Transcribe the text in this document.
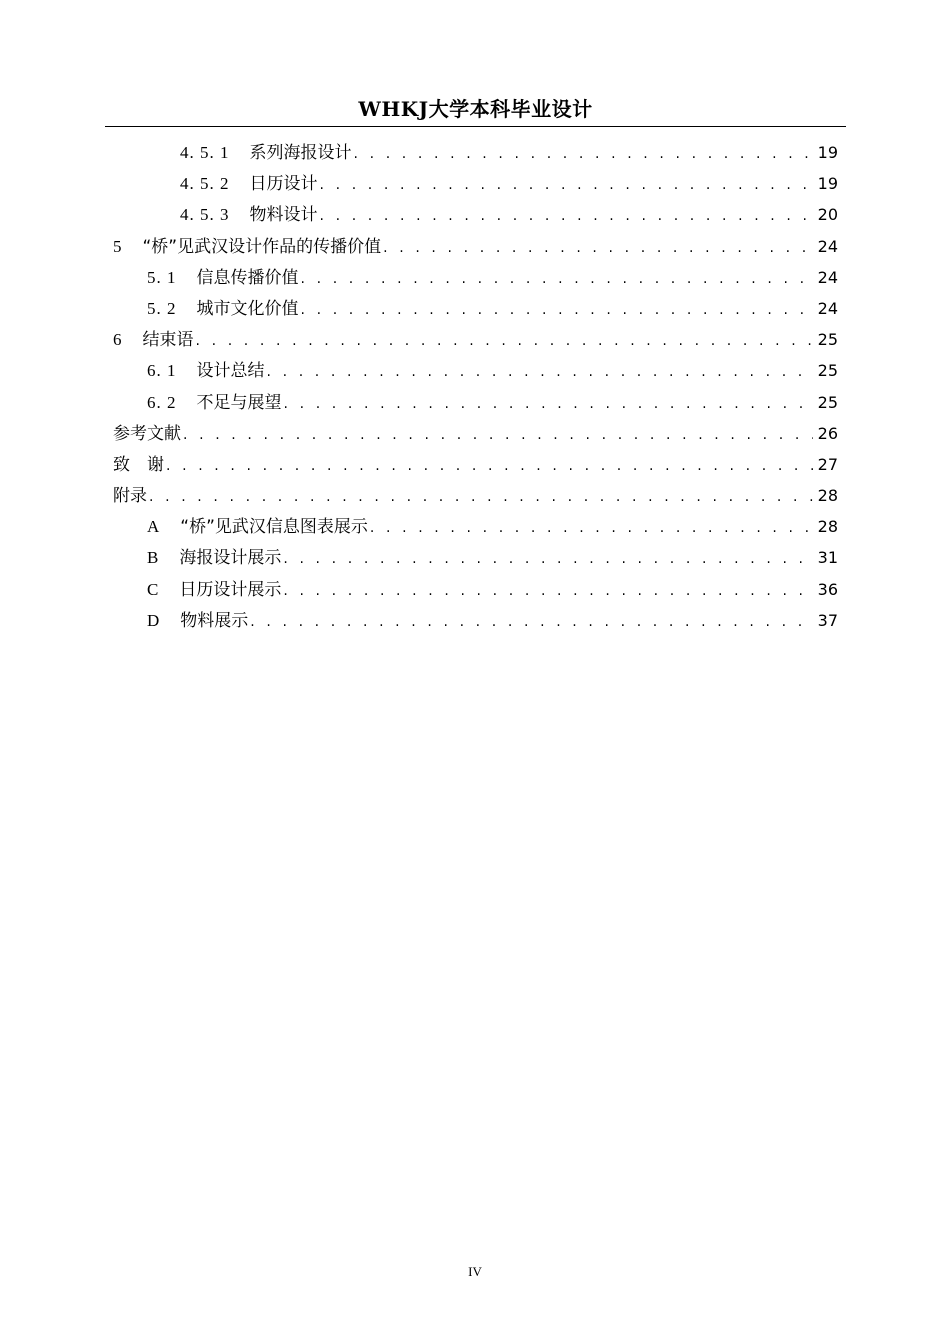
WHKJ大学本科毕业设计
4. 5. 1 系列海报设计 . . .	19
4. 5. 2 日历设计 . . .	19
4. 5. 3 物料设计 . . .	20
5 “桥”见武汉设计作品的传播价值 . . .	24
5. 1 信息传播价值 . . .	24
5. 2 城市文化价值 . . .	24
6 结束语 . . .	25
6. 1 设计总结 . . .	25
6. 2 不足与展望 . . .	25
参考文献 . . .	26
致　谢 . . .	27
附录 . . .	28
A “桥”见武汉信息图表展示 . . .	28
B 海报设计展示 . . .	31
C 日历设计展示 . . .	36
D 物料展示 . . .	37
IV
